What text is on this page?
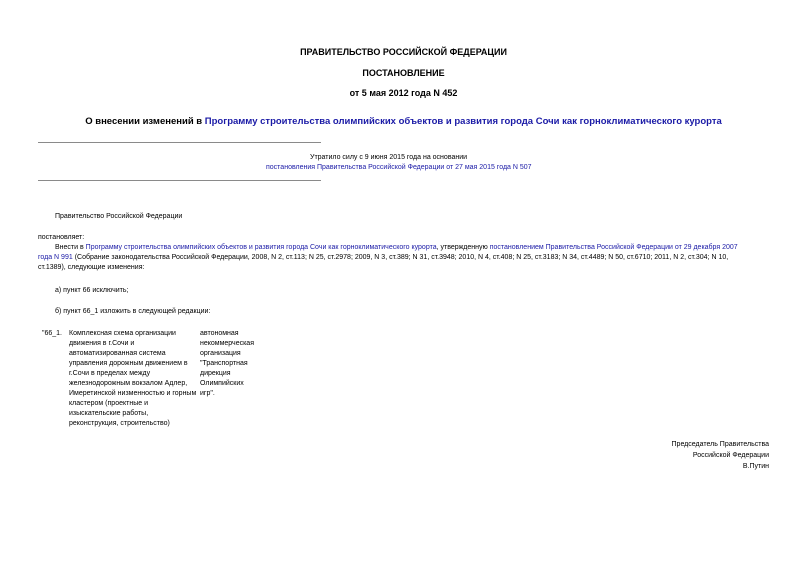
ПРАВИТЕЛЬСТВО РОССИЙСКОЙ ФЕДЕРАЦИИ
ПОСТАНОВЛЕНИЕ
от 5 мая 2012 года N 452
О внесении изменений в Программу строительства олимпийских объектов и развития города Сочи как горноклиматического курорта
Утратило силу с 9 июня 2015 года на основании
постановления Правительства Российской Федерации от 27 мая 2015 года N 507
Правительство Российской Федерации
постановляет:
Внести в Программу строительства олимпийских объектов и развития города Сочи как горноклиматического курорта, утвержденную постановлением Правительства Российской Федерации от 29 декабря 2007
года N 991 (Собрание законодательства Российской Федерации, 2008, N 2, ст.113; N 25, ст.2978; 2009, N 3, ст.389; N 31, ст.3948; 2010, N 4, ст.408; N 25, ст.3183; N 34, ст.4489; N 50, ст.6710; 2011, N 2, ст.304; N 10,
ст.1389), следующие изменения:
а) пункт 66 исключить;
б) пункт 66_1 изложить в следующей редакции:
"66_1. Комплексная схема организации
движения в г.Сочи и
автоматизированная система
управления дорожным движением в
г.Сочи в пределах между
железнодорожным вокзалом Адлер,
Имеретинской низменностью и горным
кластером (проектные и
изыскательские работы,
реконструкция, строительство)
автономная
некоммерческая
организация
"Транспортная
дирекция
Олимпийских
игр".
Председатель Правительства
Российской Федерации
В.Путин
